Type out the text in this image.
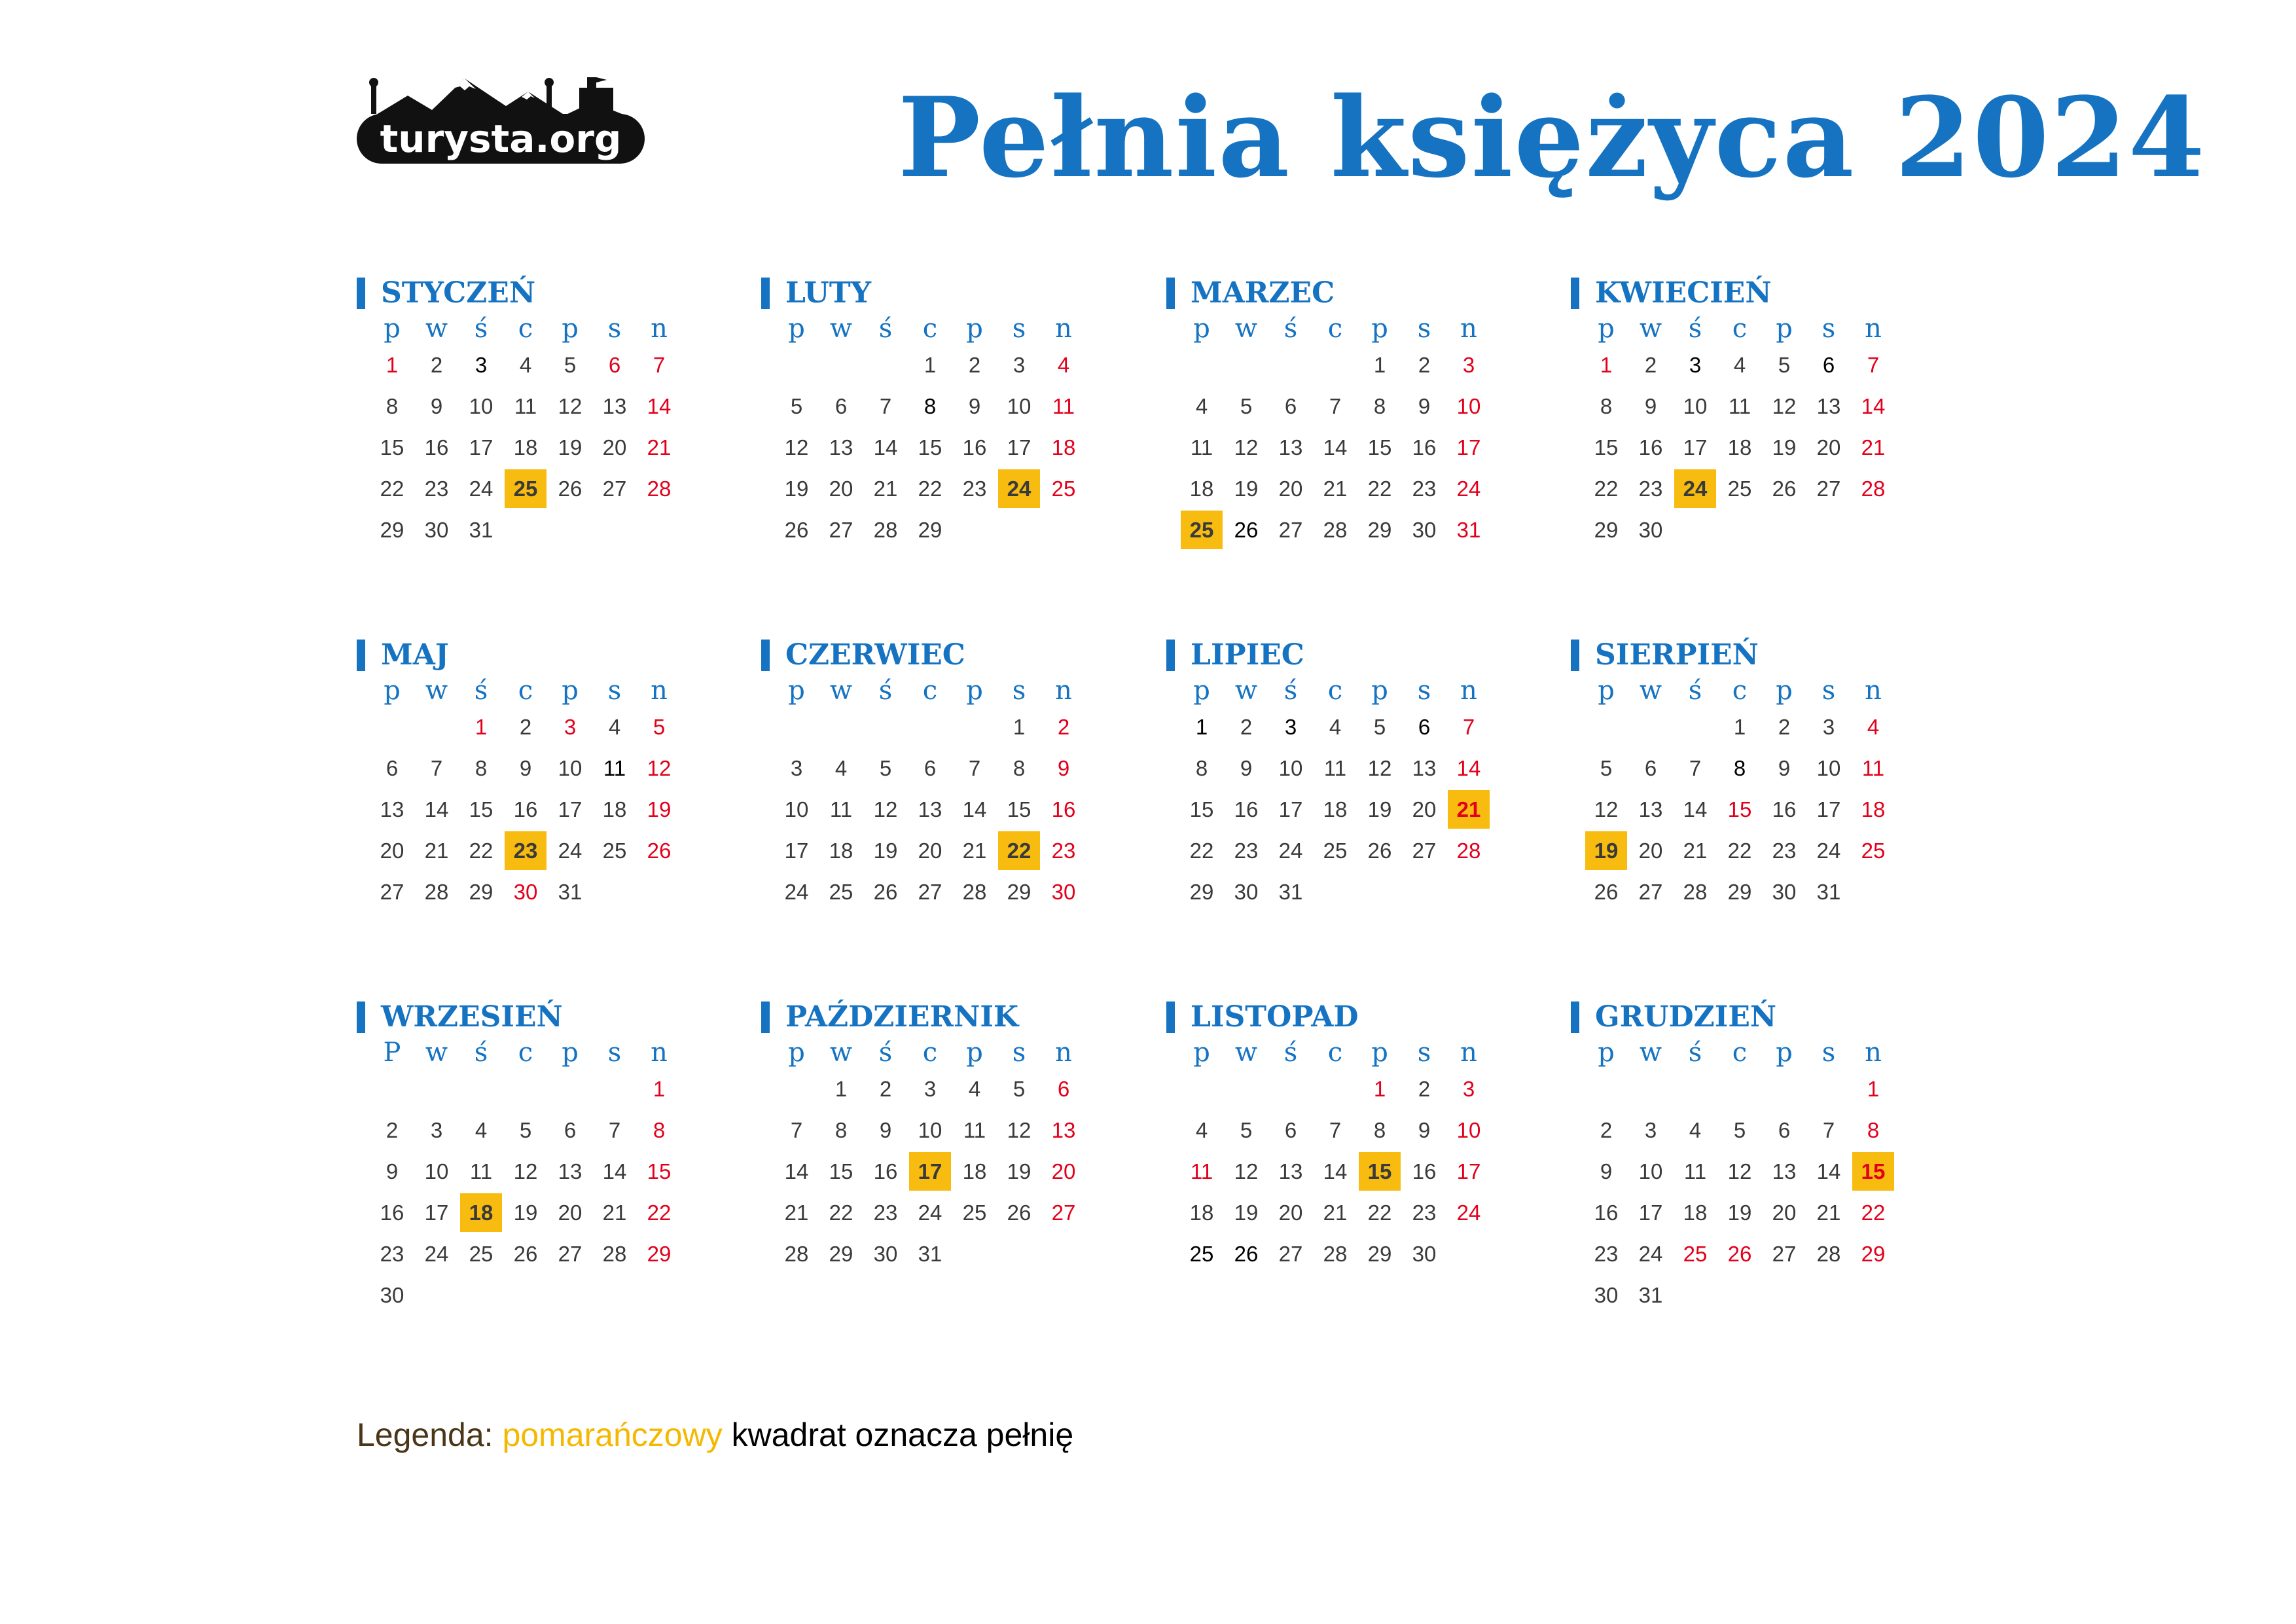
turysta.org	Pełnia księżyca 2024
STYCZEŃ
p	w	ś	c	p	s	n
1	2	3	4	5	6	7
8	9	10	11	12	13	14
15	16	17	18	19	20	21
22	23	24	25	26	27	28
29	30	31				
LUTY
p	w	ś	c	p	s	n
			1	2	3	4
5	6	7	8	9	10	11
12	13	14	15	16	17	18
19	20	21	22	23	24	25
26	27	28	29			
MARZEC
p	w	ś	c	p	s	n
				1	2	3
4	5	6	7	8	9	10
11	12	13	14	15	16	17
18	19	20	21	22	23	24
25	26	27	28	29	30	31
KWIECIEŃ
p	w	ś	c	p	s	n
1	2	3	4	5	6	7
8	9	10	11	12	13	14
15	16	17	18	19	20	21
22	23	24	25	26	27	28
29	30					
MAJ
p	w	ś	c	p	s	n
		1	2	3	4	5
6	7	8	9	10	11	12
13	14	15	16	17	18	19
20	21	22	23	24	25	26
27	28	29	30	31		
CZERWIEC
p	w	ś	c	p	s	n
					1	2
3	4	5	6	7	8	9
10	11	12	13	14	15	16
17	18	19	20	21	22	23
24	25	26	27	28	29	30
LIPIEC
p	w	ś	c	p	s	n
1	2	3	4	5	6	7
8	9	10	11	12	13	14
15	16	17	18	19	20	21
22	23	24	25	26	27	28
29	30	31				
SIERPIEŃ
p	w	ś	c	p	s	n
			1	2	3	4
5	6	7	8	9	10	11
12	13	14	15	16	17	18
19	20	21	22	23	24	25
26	27	28	29	30	31	
WRZESIEŃ
P	w	ś	c	p	s	n
						1
2	3	4	5	6	7	8
9	10	11	12	13	14	15
16	17	18	19	20	21	22
23	24	25	26	27	28	29
30						
PAŹDZIERNIK
p	w	ś	c	p	s	n
	1	2	3	4	5	6
7	8	9	10	11	12	13
14	15	16	17	18	19	20
21	22	23	24	25	26	27
28	29	30	31			
LISTOPAD
p	w	ś	c	p	s	n
				1	2	3
4	5	6	7	8	9	10
11	12	13	14	15	16	17
18	19	20	21	22	23	24
25	26	27	28	29	30	
GRUDZIEŃ
p	w	ś	c	p	s	n
						1
2	3	4	5	6	7	8
9	10	11	12	13	14	15
16	17	18	19	20	21	22
23	24	25	26	27	28	29
30	31					
Legenda: pomarańczowy kwadrat oznacza pełnię
